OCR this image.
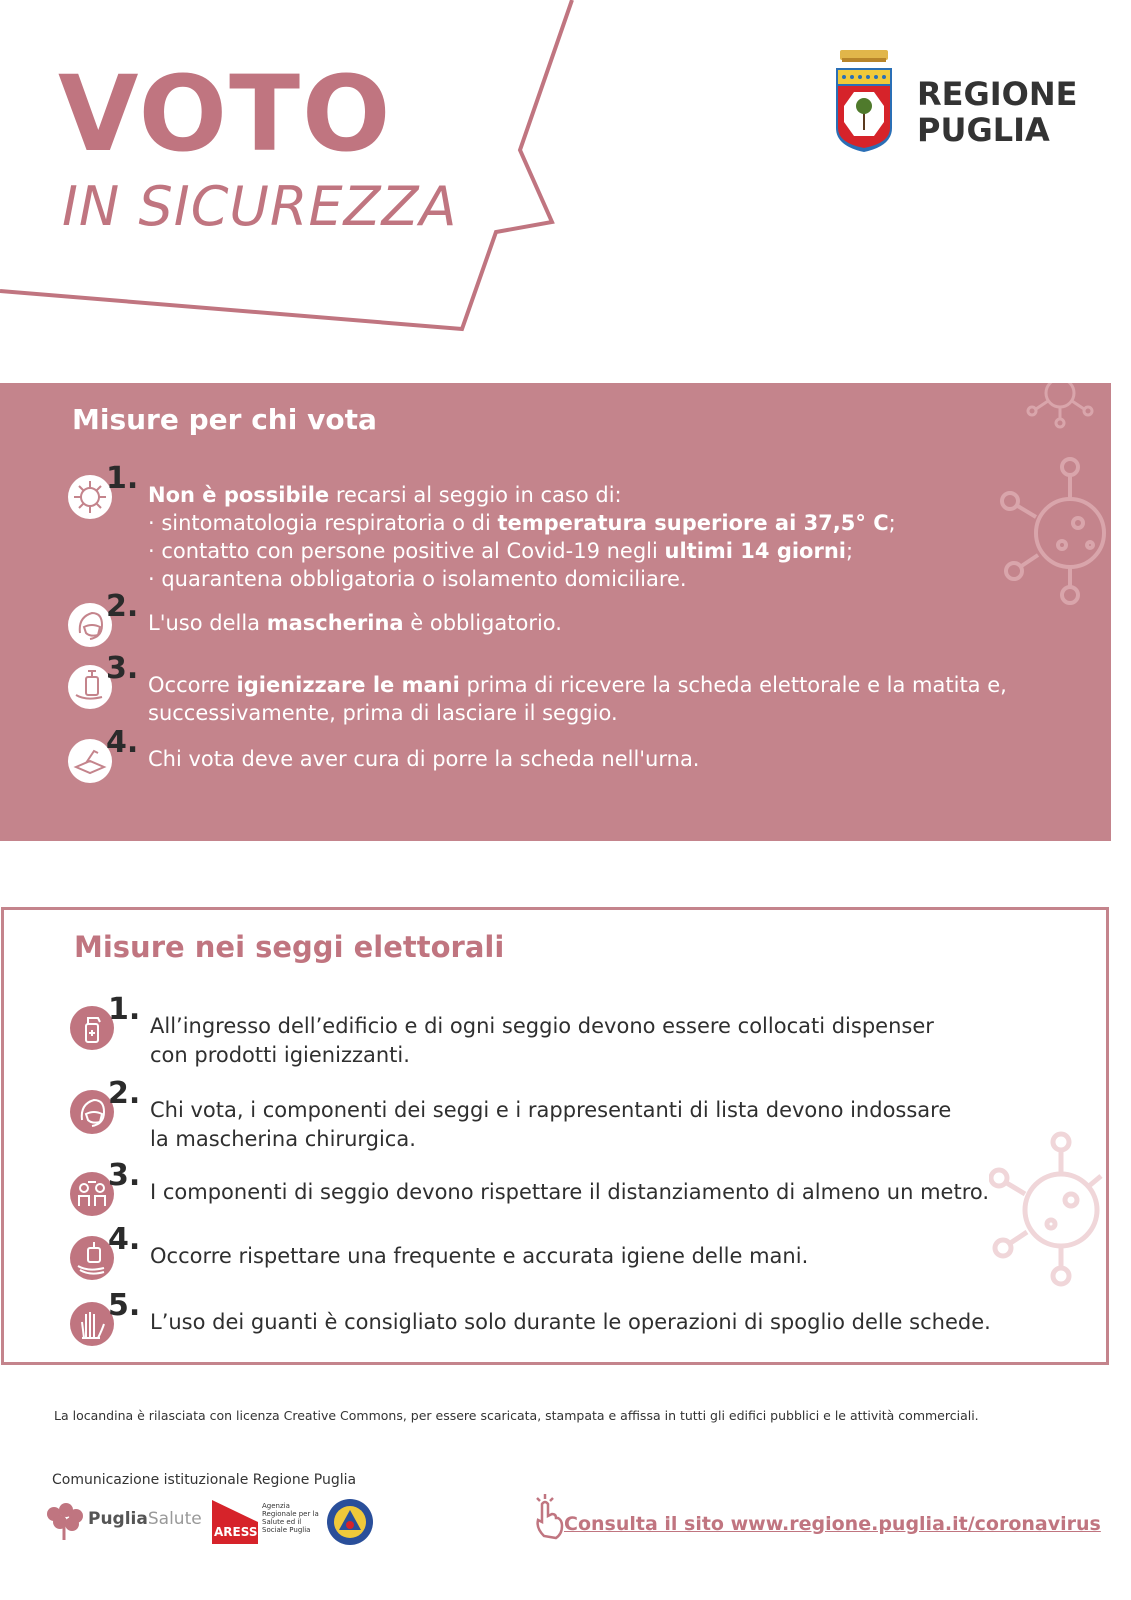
VOTO
IN SICUREZZA
REGIONE
PUGLIA
Misure per chi vota
1. Non è possibile recarsi al seggio in caso di:
· sintomatologia respiratoria o di temperatura superiore ai 37,5° C;
· contatto con persone positive al Covid-19 negli ultimi 14 giorni;
· quarantena obbligatoria o isolamento domiciliare.
2. L'uso della mascherina è obbligatorio.
3. Occorre igienizzare le mani prima di ricevere la scheda elettorale e la matita e,
successivamente, prima di lasciare il seggio.
4. Chi vota deve aver cura di porre la scheda nell'urna.
Misure nei seggi elettorali
1. All’ingresso dell’edificio e di ogni seggio devono essere collocati dispenser
con prodotti igienizzanti.
2. Chi vota, i componenti dei seggi e i rappresentanti di lista devono indossare
la mascherina chirurgica.
3. I componenti di seggio devono rispettare il distanziamento di almeno un metro.
4. Occorre rispettare una frequente e accurata igiene delle mani.
5. L’uso dei guanti è consigliato solo durante le operazioni di spoglio delle schede.
La locandina è rilasciata con licenza Creative Commons, per essere scaricata, stampata e affissa in tutti gli edifici pubblici e le attività commerciali.
Comunicazione istituzionale Regione Puglia
PugliaSalute
ARESS
Agenzia Regionale per la Salute ed il Sociale Puglia	Consulta il sito www.regione.puglia.it/coronavirus
